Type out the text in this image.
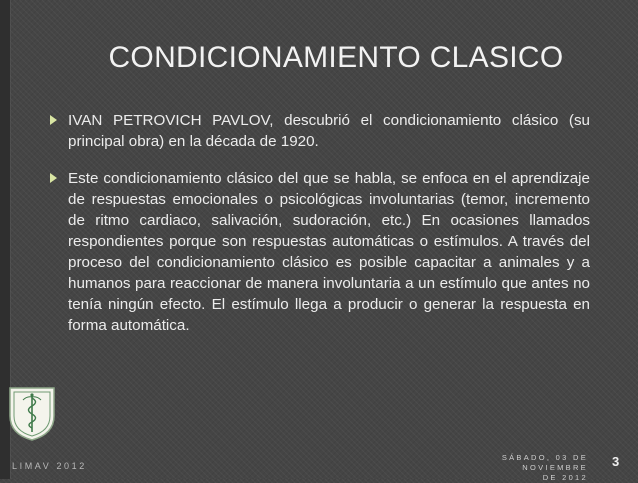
CONDICIONAMIENTO CLASICO
IVAN PETROVICH PAVLOV, descubrió el condicionamiento clásico (su principal obra) en la década de 1920.
Este condicionamiento clásico del que se habla, se enfoca en el aprendizaje de respuestas emocionales o psicológicas involuntarias (temor, incremento de ritmo cardiaco, salivación, sudoración, etc.) En ocasiones llamados respondientes porque son respuestas automáticas o estímulos. A través del proceso del condicionamiento clásico es posible capacitar a animales y a humanos para reaccionar de manera involuntaria a un estímulo que antes no tenía ningún efecto. El estímulo llega a producir o generar la respuesta en forma automática.
LIMAV 2012
SÁBADO, 03 DE NOVIEMBRE
DE 2012
3
